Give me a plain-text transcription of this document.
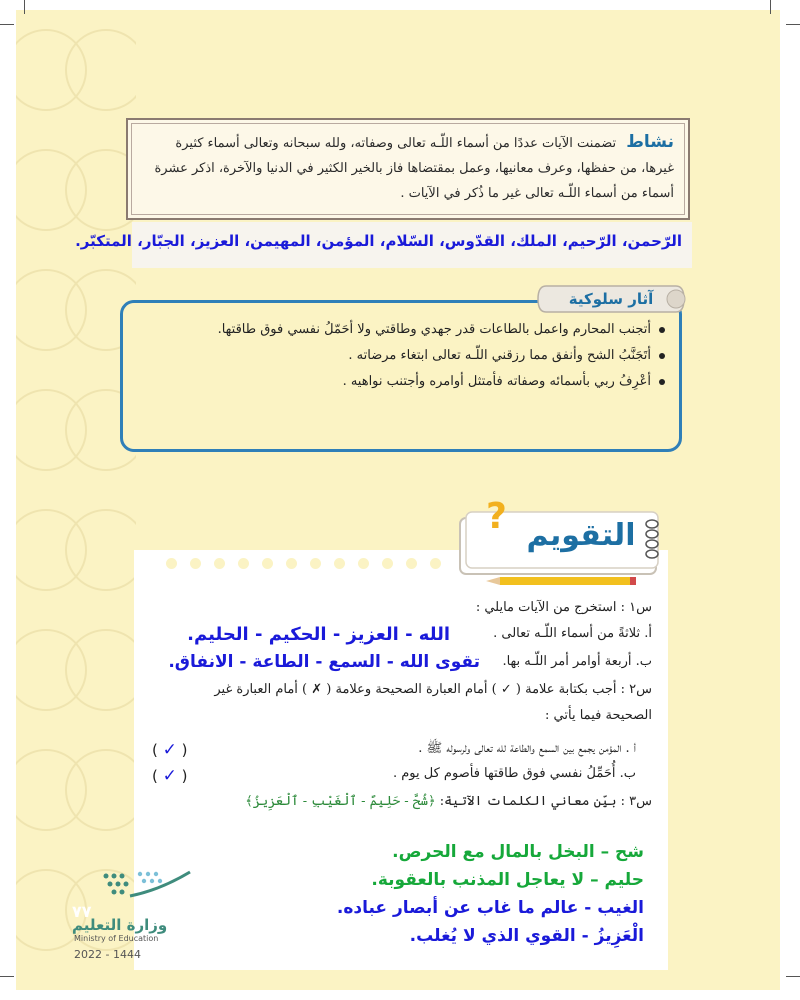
نشاط تضمنت الآيات عددًا من أسماء اللّـه تعالى وصفاته، ولله سبحانه وتعالى أسماء كثيرة غيرها، من حفظها، وعرف معانيها، وعمل بمقتضاها فاز بالخير الكثير في الدنيا والآخرة، اذكر عشرة أسماء من أسماء اللّـه تعالى غير ما ذُكر في الآيات .
الرّحمن، الرّحيم، الملك، القدّوس، السّلام، المؤمن، المهيمن، العزيز، الجبّار، المتكبّر.
أتجنب المحارم واعمل بالطاعات قدر جهدي وطاقتي ولا أحَمّلُ نفسي فوق طاقتها.
أتَجَنَّبُ الشح وأنفق مما رزقني اللّـه تعالى ابتغاء مرضاته .
أعْرِفُ ربي بأسمائه وصفاته فأمتثل أوامره وأجتنب نواهيه .
آثار سلوكية
? التقويم
س١ : استخرج من الآيات مايلي :
أ. ثلاثةً من أسماء اللّـه تعالى .
الله - العزيز - الحكيم - الحليم.
ب. أربعة أوامر أمر اللّـه بها.
تقوى الله - السمع - الطاعة - الانفاق.
س٢ : أجب بكتابة علامة ( ✓ ) أمام العبارة الصحيحة وعلامة ( ✗ ) أمام العبارة غير
الصحيحة فيما يأتي :
أ . المؤمن يجمع بين السمع والطاعة لله تعالى ولرسوله ﷺ .
( ✓ )
ب. أُحَمِّلُ نفسي فوق طاقتها فأصوم كل يوم .
( ✓ )
س٣ : بيِّن معاني الكلمات الآتية: ﴿شُحَّ - حَلِيمٌ - ٱلْغَيْبِ - ٱلْعَزِيزُ﴾
شح – البخل بالمال مع الحرص.
حليم – لا يعاجل المذنب بالعقوبة.
الغيب - عالم ما غاب عن أبصار عباده.
الْعَزِيزُ - القوي الذي لا يُغلب.
٧٧
وزارة التعليم
Ministry of Education
2022 - 1444
